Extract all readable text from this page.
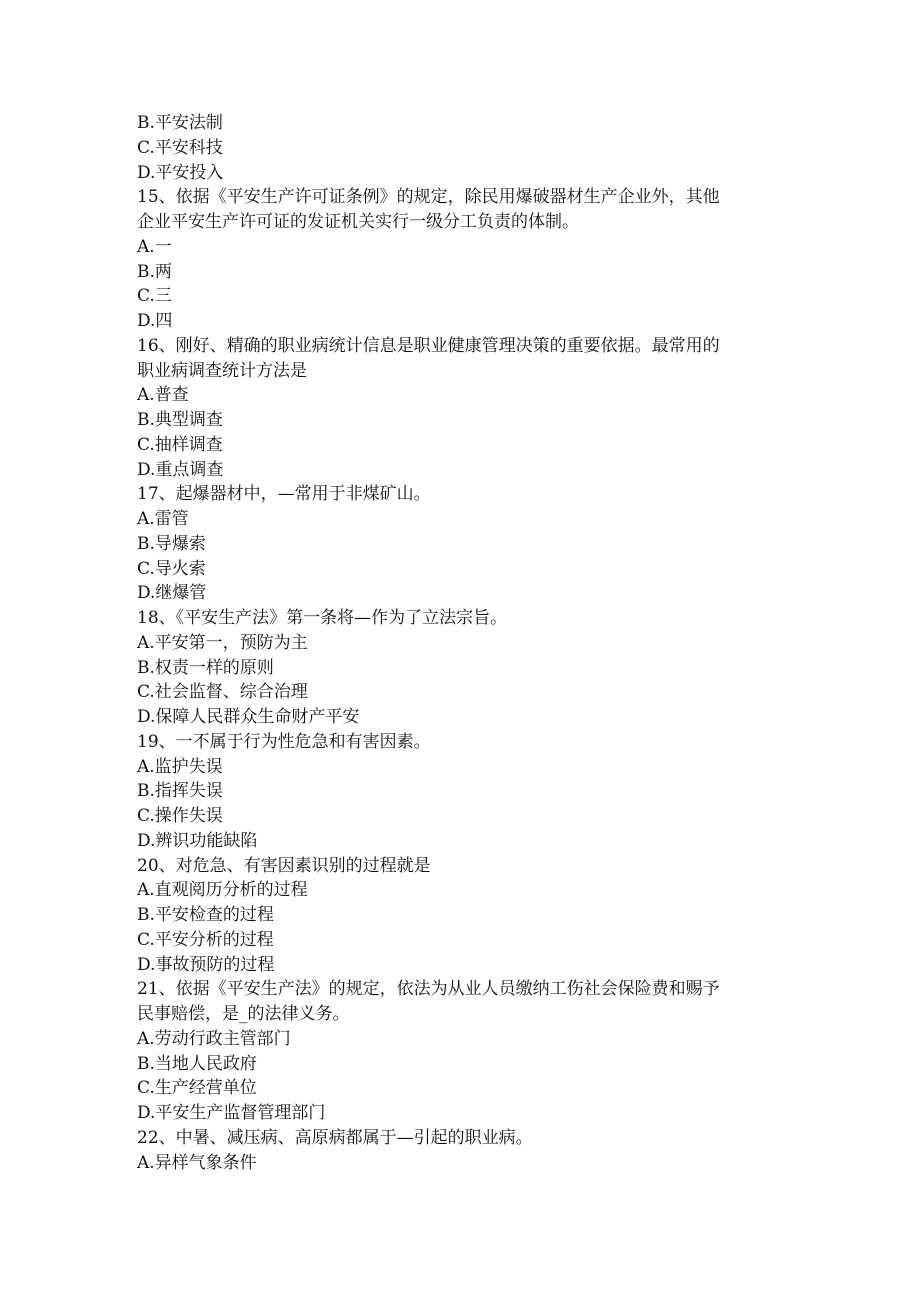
B.平安法制

C.平安科技

D.平安投入

15、依据《平安生产许可证条例》的规定，除民用爆破器材生产企业外，其他

企业平安生产许可证的发证机关实行一级分工负责的体制。

A.一

B.两

C.三

D.四

16、刚好、精确的职业病统计信息是职业健康管理决策的重要依据。最常用的

职业病调查统计方法是

A.普查

B.典型调查

C.抽样调查

D.重点调查

17、起爆器材中，—常用于非煤矿山。

A.雷管

B.导爆索

C.导火索

D.继爆管

18、《平安生产法》第一条将—作为了立法宗旨。

A.平安第一，预防为主

B.权责一样的原则

C.社会监督、综合治理

D.保障人民群众生命财产平安

19、一不属于行为性危急和有害因素。

A.监护失误

B.指挥失误

C.操作失误

D.辨识功能缺陷

20、对危急、有害因素识别的过程就是

A.直观阅历分析的过程

B.平安检查的过程

C.平安分析的过程

D.事故预防的过程

21、依据《平安生产法》的规定，依法为从业人员缴纳工伤社会保险费和赐予

民事赔偿，是_的法律义务。

A.劳动行政主管部门

B.当地人民政府

C.生产经营单位

D.平安生产监督管理部门

22、中暑、减压病、高原病都属于—引起的职业病。

A.异样气象条件
